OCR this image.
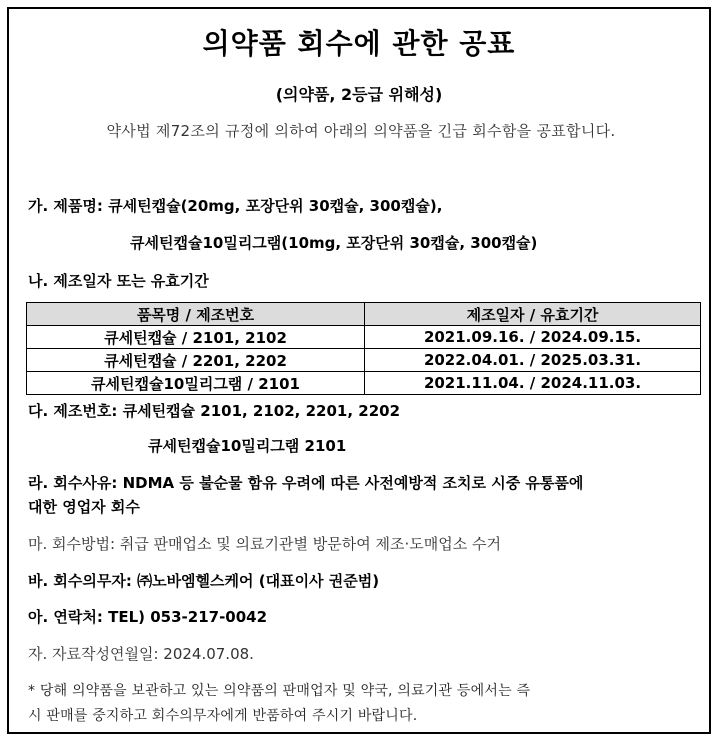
의약품 회수에 관한 공표
(의약품, 2등급 위해성)
약사법 제72조의 규정에 의하여 아래의 의약품을 긴급 회수함을 공표합니다.
가. 제품명: 큐세틴캡슐(20mg, 포장단위 30캡슐, 300캡슐),
큐세틴캡슐10밀리그램(10mg, 포장단위 30캡슐, 300캡슐)
나. 제조일자 또는 유효기간
품목명 / 제조번호	제조일자 / 유효기간
큐세틴캡슐 / 2101, 2102	2021.09.16. / 2024.09.15.
큐세틴캡슐 / 2201, 2202	2022.04.01. / 2025.03.31.
큐세틴캡슐10밀리그램 / 2101	2021.11.04. / 2024.11.03.
다. 제조번호: 큐세틴캡슐 2101, 2102, 2201, 2202
큐세틴캡슐10밀리그램 2101
라. 회수사유: NDMA 등 불순물 함유 우려에 따른 사전예방적 조치로 시중 유통품에
대한 영업자 회수
마. 회수방법: 취급 판매업소 및 의료기관별 방문하여 제조·도매업소 수거
바. 회수의무자: ㈜노바엠헬스케어 (대표이사 권준범)
아. 연락처: TEL) 053-217-0042
자. 자료작성연월일: 2024.07.08.
* 당해 의약품을 보관하고 있는 의약품의 판매업자 및 약국, 의료기관 등에서는 즉
시 판매를 중지하고 회수의무자에게 반품하여 주시기 바랍니다.
